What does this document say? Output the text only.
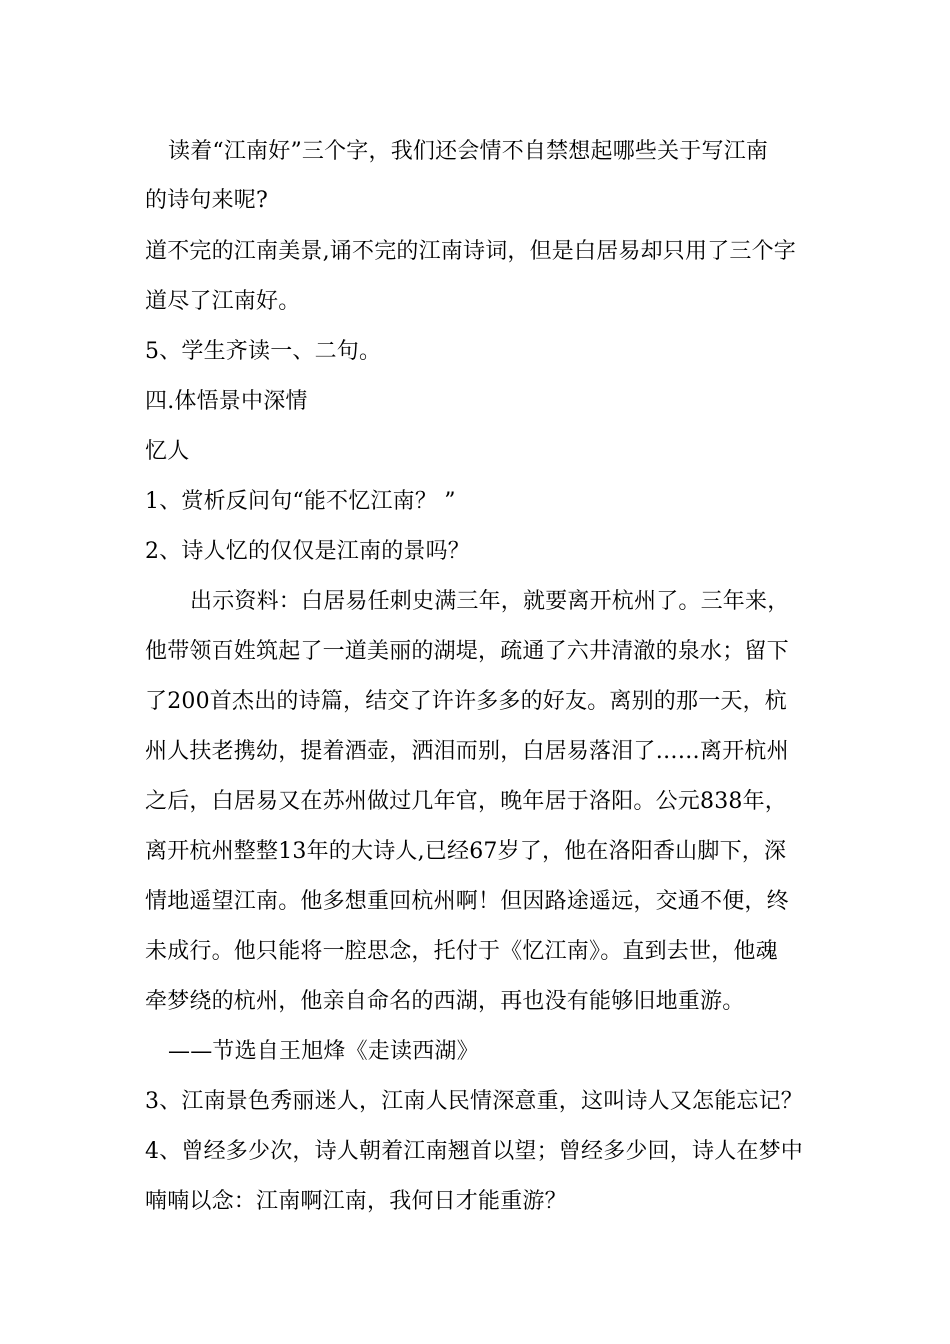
读着“江南好”三个字，我们还会情不自禁想起哪些关于写江南
的诗句来呢?
道不完的江南美景,诵不完的江南诗词，但是白居易却只用了三个字
道尽了江南好。
5、学生齐读一、二句。
四.体悟景中深情
忆人
1、赏析反问句“能不忆江南？ ”
2、诗人忆的仅仅是江南的景吗？
出示资料：白居易任刺史满三年，就要离开杭州了。三年来，
他带领百姓筑起了一道美丽的湖堤，疏通了六井清澈的泉水；留下
了200首杰出的诗篇，结交了许许多多的好友。离别的那一天，杭
州人扶老携幼，提着酒壶，洒泪而别，白居易落泪了……离开杭州
之后，白居易又在苏州做过几年官，晚年居于洛阳。公元838年，
离开杭州整整13年的大诗人,已经67岁了，他在洛阳香山脚下，深
情地遥望江南。他多想重回杭州啊！但因路途遥远，交通不便，终
未成行。他只能将一腔思念，托付于《忆江南》。直到去世，他魂
牵梦绕的杭州，他亲自命名的西湖，再也没有能够旧地重游。
——节选自王旭烽《走读西湖》
3、江南景色秀丽迷人，江南人民情深意重，这叫诗人又怎能忘记？
4、曾经多少次，诗人朝着江南翘首以望；曾经多少回，诗人在梦中
喃喃以念：江南啊江南，我何日才能重游？
